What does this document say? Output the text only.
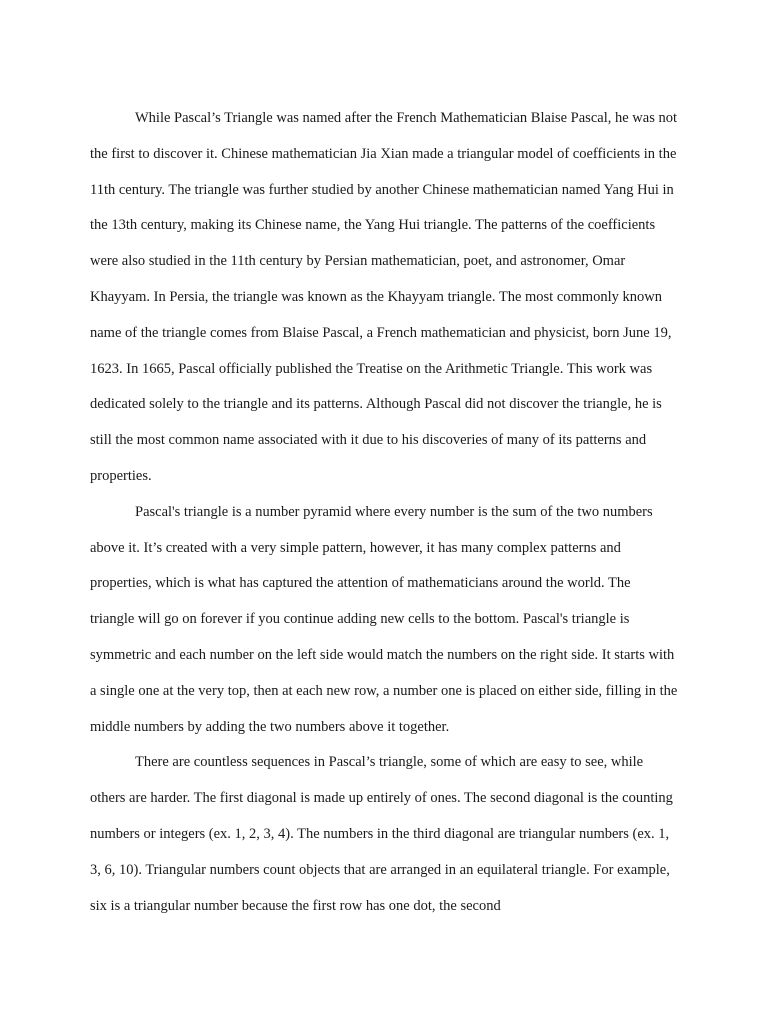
While Pascal’s Triangle was named after the French Mathematician Blaise Pascal, he was not the first to discover it. Chinese mathematician Jia Xian made a triangular model of coefficients in the 11th century. The triangle was further studied by another Chinese mathematician named Yang Hui in the 13th century, making its Chinese name, the Yang Hui triangle. The patterns of the coefficients were also studied in the 11th century by Persian mathematician, poet, and astronomer, Omar Khayyam. In Persia, the triangle was known as the Khayyam triangle. The most commonly known name of the triangle comes from Blaise Pascal, a French mathematician and physicist, born June 19, 1623. In 1665, Pascal officially published the Treatise on the Arithmetic Triangle. This work was dedicated solely to the triangle and its patterns. Although Pascal did not discover the triangle, he is still the most common name associated with it due to his discoveries of many of its patterns and properties.

Pascal's triangle is a number pyramid where every number is the sum of the two numbers above it. It’s created with a very simple pattern, however, it has many complex patterns and properties, which is what has captured the attention of mathematicians around the world. The triangle will go on forever if you continue adding new cells to the bottom. Pascal's triangle is symmetric and each number on the left side would match the numbers on the right side. It starts with a single one at the very top, then at each new row, a number one is placed on either side, filling in the middle numbers by adding the two numbers above it together.

There are countless sequences in Pascal’s triangle, some of which are easy to see, while others are harder. The first diagonal is made up entirely of ones. The second diagonal is the counting numbers or integers (ex. 1, 2, 3, 4). The numbers in the third diagonal are triangular numbers (ex. 1, 3, 6, 10). Triangular numbers count objects that are arranged in an equilateral triangle. For example, six is a triangular number because the first row has one dot, the second
